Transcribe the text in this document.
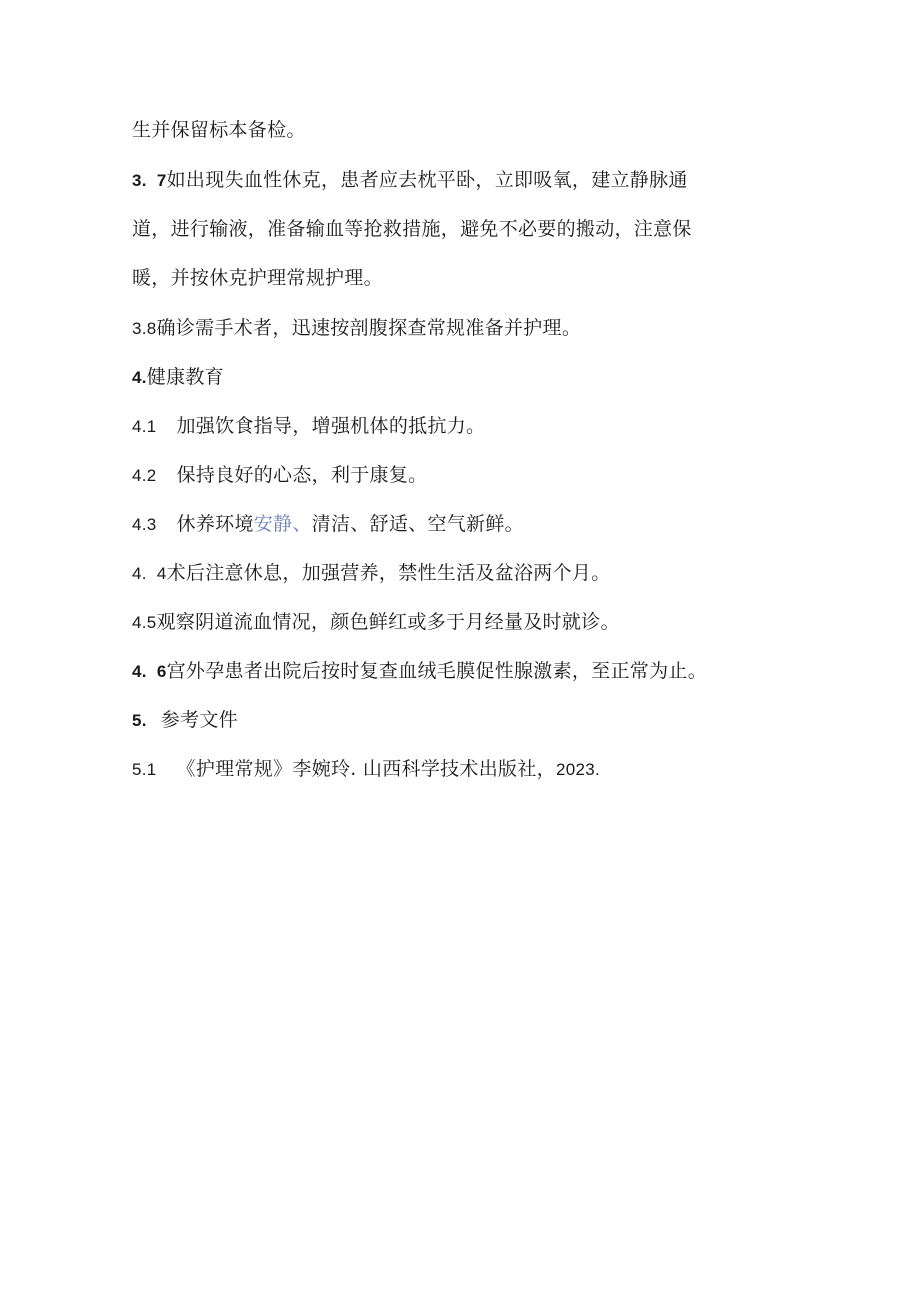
生并保留标本备检。
3.  7如出现失血性休克，患者应去枕平卧，立即吸氧，建立静脉通
道，进行输液，准备输血等抢救措施，避免不必要的搬动，注意保
暖，并按休克护理常规护理。
3.8确诊需手术者，迅速按剖腹探查常规准备并护理。
4.健康教育
4.1 加强饮食指导，增强机体的抵抗力。
4.2 保持良好的心态，利于康复。
4.3 休养环境安静、清洁、舒适、空气新鲜。
4.  4术后注意休息，加强营养，禁性生活及盆浴两个月。
4.5观察阴道流血情况，颜色鲜红或多于月经量及时就诊。
4.  6宫外孕患者出院后按时复查血绒毛膜促性腺激素，至正常为止。
5. 参考文件
5.1 《护理常规》李婉玲. 山西科学技术出版社，2023.
